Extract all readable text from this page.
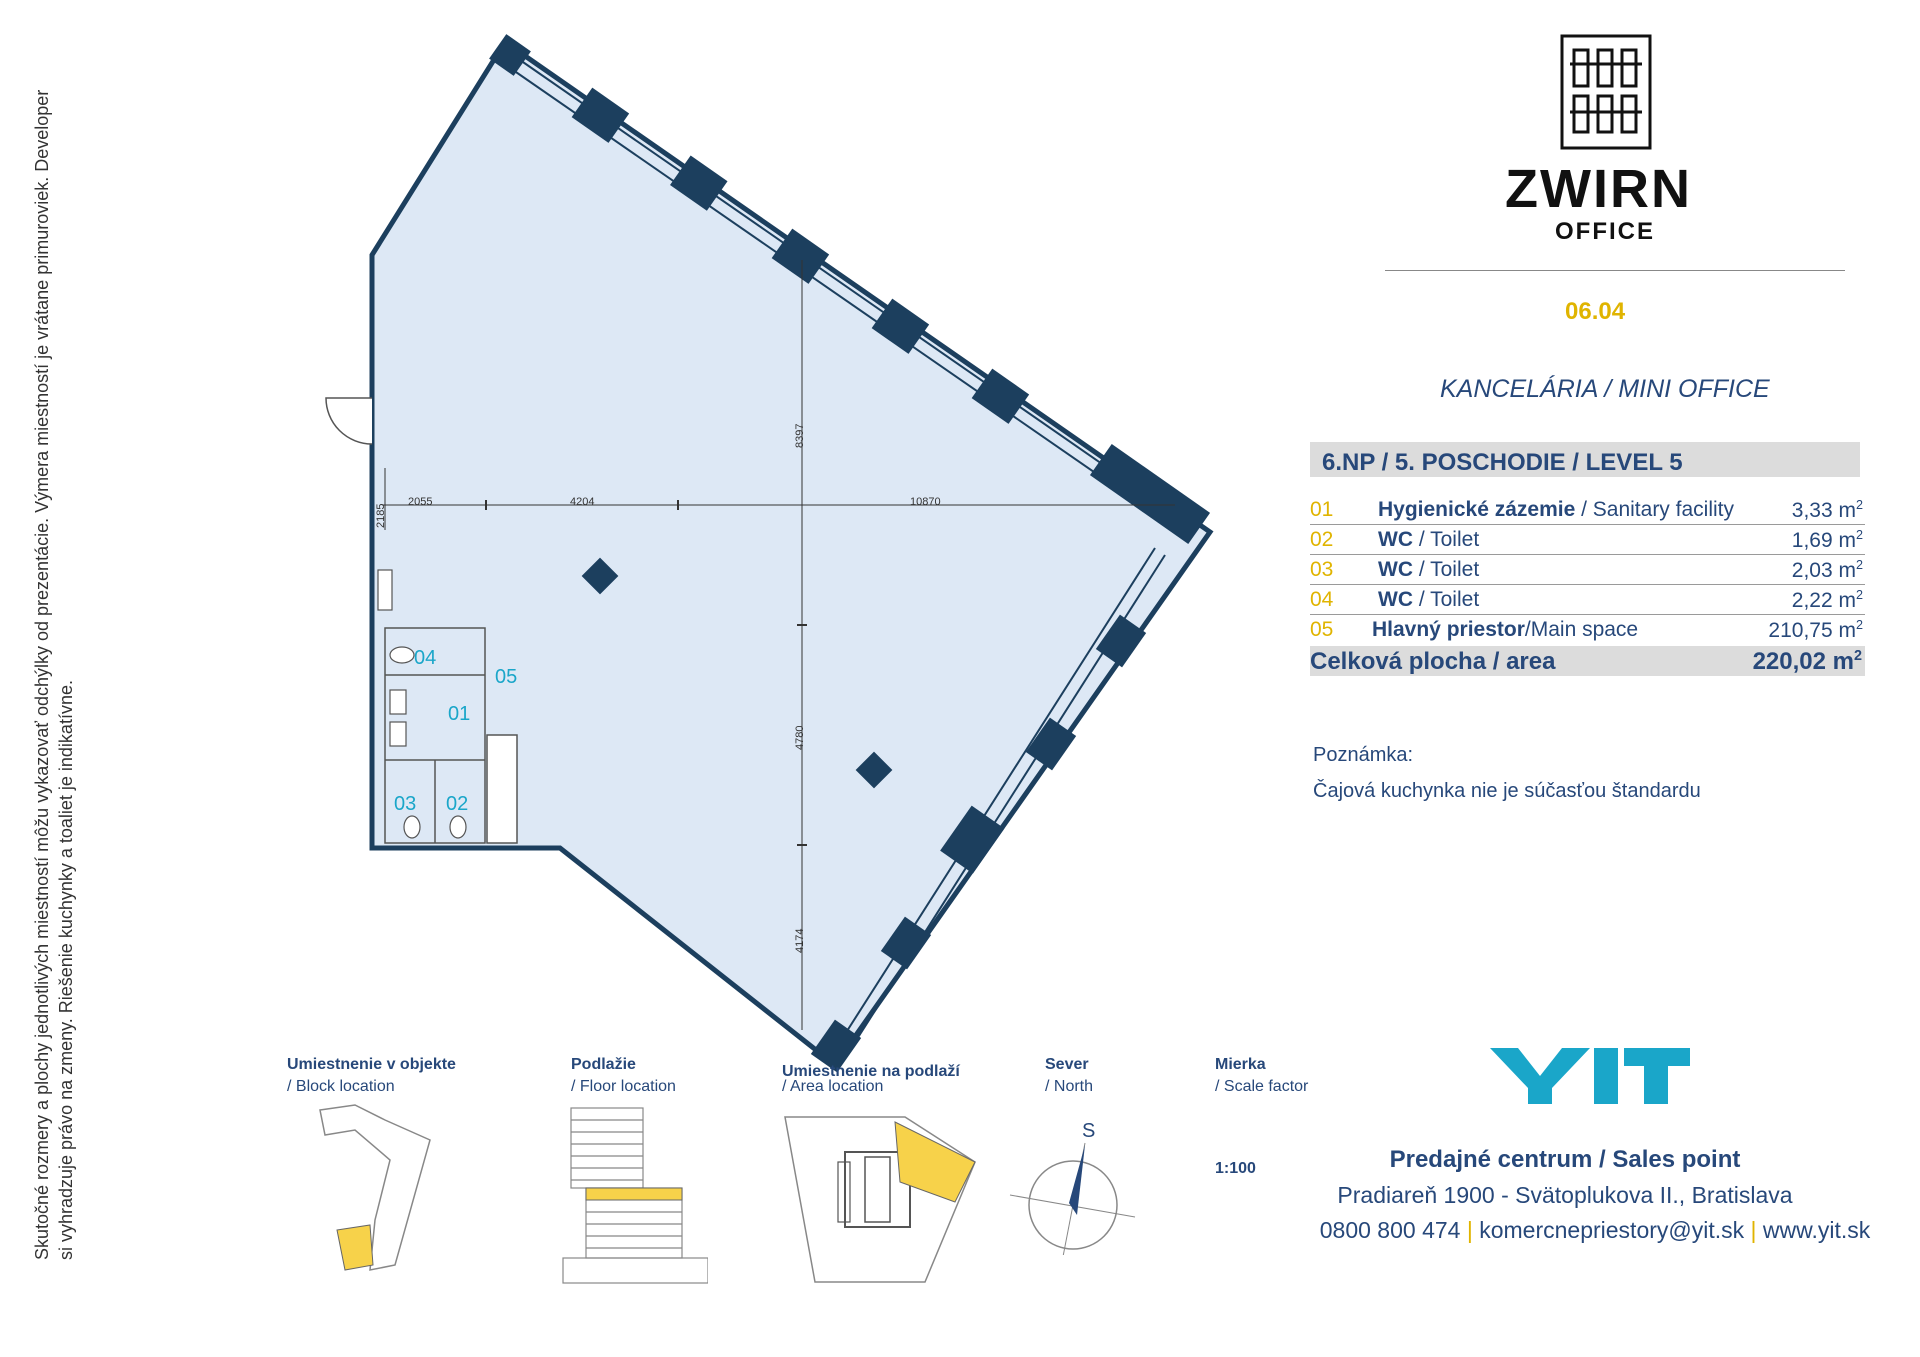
Skutočné rozmery a plochy jednotlivých miestností môžu vykazovať odchýlky od prezentácie. Výmera miestností je vrátane primuroviek. Developer si vyhradzuje právo na zmeny. Riešenie kuchynky a toaliet je indikatívne.
2055	4204	10870
2185
8397
4780
4174
04
05
01
03 02
ZWIRN
OFFICE
06.04
KANCELÁRIA / MINI OFFICE
6.NP / 5. POSCHODIE / LEVEL 5
01 Hygienické zázemie / Sanitary facility	3,33 $m^2$
02 WC / Toilet	1,69 $m^2$
03 WC / Toilet	2,03 $m^2$
04 WC / Toilet	2,22 $m^2$
05 Hlavný priestor/Main space	210,75 $m^2$
Celková plocha / area	220,02 $m^2$
Poznámka:
Čajová kuchynka nie je súčasťou štandardu
Umiestnenie v objekte
/ Block location
Podlažie
/ Floor location
Umiestnenie na podlaží
/ Area location
Sever
/ North
S
Mierka
/ Scale factor
1:100	Predajné centrum / Sales point
Pradiareň 1900 - Svätoplukova II., Bratislava
0800 800 474 | komercnepriestory@yit.sk | www.yit.sk
